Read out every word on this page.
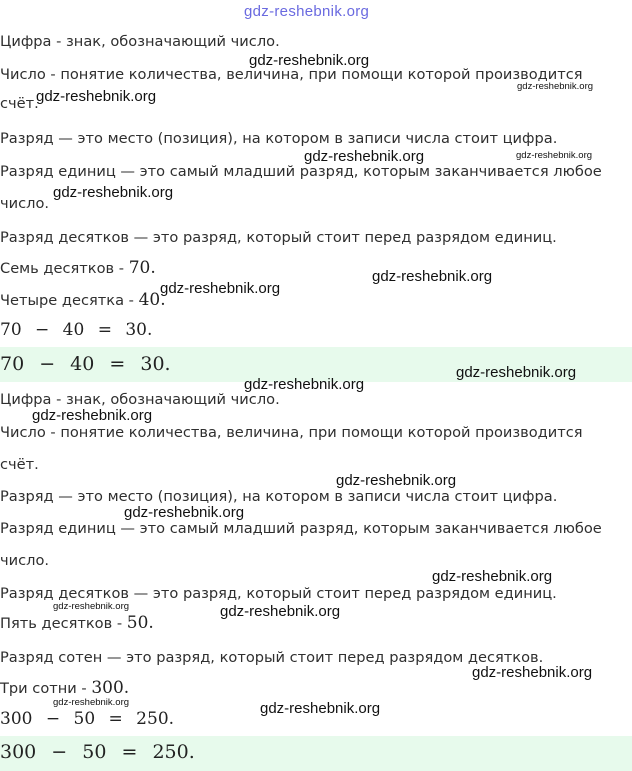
gdz-reshebnik.org
Цифра - знак, обозначающий число.
Число - понятие количества, величина, при помощи которой производится
счёт.
Разряд — это место (позиция), на котором в записи числа стоит цифра.
Разряд единиц — это самый младший разряд, которым заканчивается любое
число.
Разряд десятков — это разряд, который стоит перед разрядом единиц.
Семь десятков - 70.
Четыре десятка - 40.
70 − 40 = 30.
70 − 40 = 30.
Цифра - знак, обозначающий число.
Число - понятие количества, величина, при помощи которой производится
счёт.
Разряд — это место (позиция), на котором в записи числа стоит цифра.
Разряд единиц — это самый младший разряд, которым заканчивается любое
число.
Разряд десятков — это разряд, который стоит перед разрядом единиц.
Пять десятков - 50.
Разряд сотен — это разряд, который стоит перед разрядом десятков.
Три сотни - 300.
300 − 50 = 250.
300 − 50 = 250.
gdz-reshebnik.org
gdz-reshebnik.org
gdz-reshebnik.org
gdz-reshebnik.org	gdz-reshebnik.org
gdz-reshebnik.org
gdz-reshebnik.org
gdz-reshebnik.org
gdz-reshebnik.org
gdz-reshebnik.org
gdz-reshebnik.org
gdz-reshebnik.org
gdz-reshebnik.org
gdz-reshebnik.org
gdz-reshebnik.org	gdz-reshebnik.org
gdz-reshebnik.org
gdz-reshebnik.org	gdz-reshebnik.org
